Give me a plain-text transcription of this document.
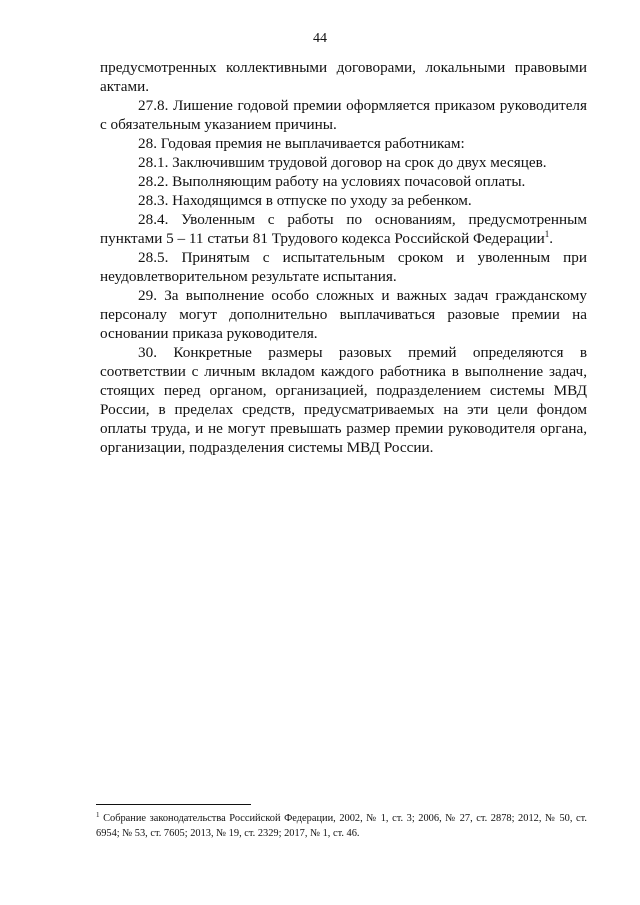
44

предусмотренных коллективными договорами, локальными правовыми актами.

27.8. Лишение годовой премии оформляется приказом руководителя с обязательным указанием причины.

28. Годовая премия не выплачивается работникам:

28.1. Заключившим трудовой договор на срок до двух месяцев.

28.2. Выполняющим работу на условиях почасовой оплаты.

28.3. Находящимся в отпуске по уходу за ребенком.

28.4. Уволенным с работы по основаниям, предусмотренным пунктами 5 – 11 статьи 81 Трудового кодекса Российской Федерации$^1$.

28.5. Принятым с испытательным сроком и уволенным при неудовлетворительном результате испытания.

29. За выполнение особо сложных и важных задач гражданскому персоналу могут дополнительно выплачиваться разовые премии на основании приказа руководителя.

30. Конкретные размеры разовых премий определяются в соответствии с личным вкладом каждого работника в выполнение задач, стоящих перед органом, организацией, подразделением системы МВД России, в пределах средств, предусматриваемых на эти цели фондом оплаты труда, и не могут превышать размер премии руководителя органа, организации, подразделения системы МВД России.

$^1$ Собрание законодательства Российской Федерации, 2002, № 1, ст. 3; 2006, № 27, ст. 2878; 2012, № 50, ст. 6954; № 53, ст. 7605; 2013, № 19, ст. 2329; 2017, № 1, ст. 46.
